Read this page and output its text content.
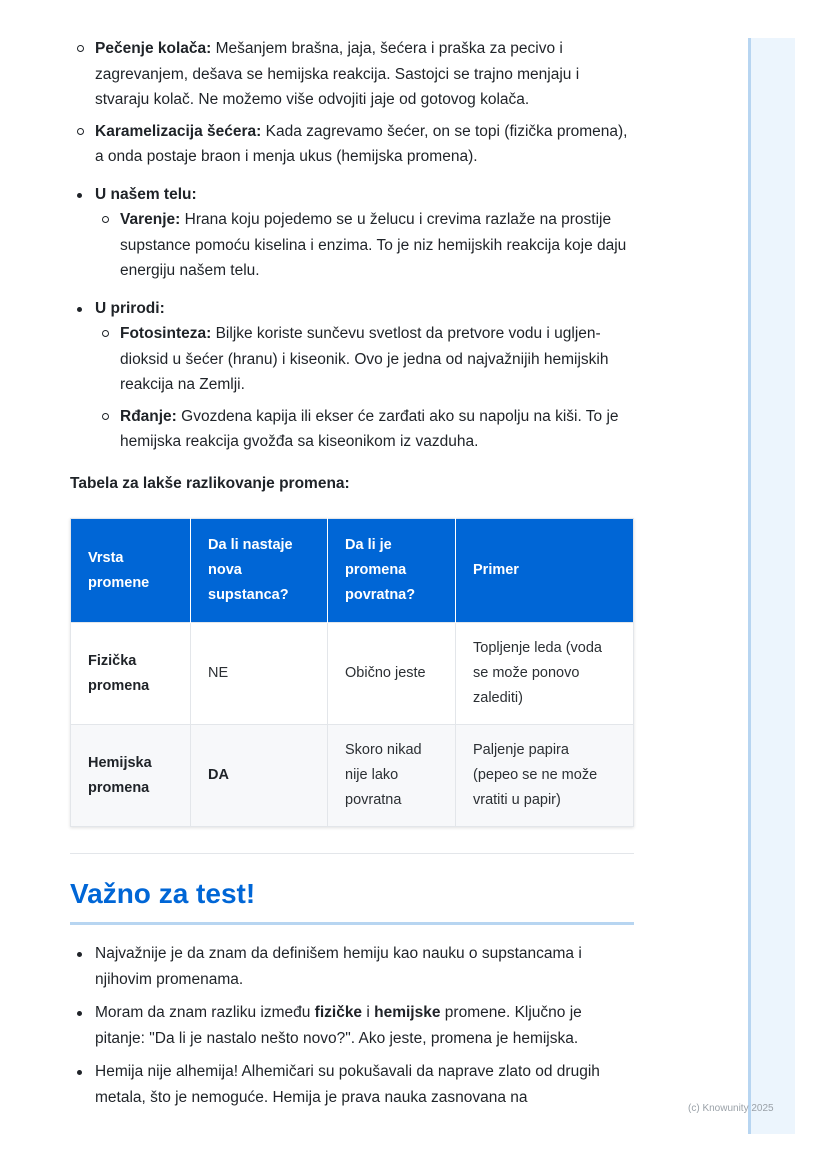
Pečenje kolača: Mešanjem brašna, jaja, šećera i praška za pecivo i zagrevanjem, dešava se hemijska reakcija. Sastojci se trajno menjaju i stvaraju kolač. Ne možemo više odvojiti jaje od gotovog kolača.
Karamelizacija šećera: Kada zagrevamo šećer, on se topi (fizička promena), a onda postaje braon i menja ukus (hemijska promena).
U našem telu:
Varenje: Hrana koju pojedemo se u želucu i crevima razlaže na prostije supstance pomoću kiselina i enzima. To je niz hemijskih reakcija koje daju energiju našem telu.
U prirodi:
Fotosinteza: Biljke koriste sunčevu svetlost da pretvore vodu i ugljen-dioksid u šećer (hranu) i kiseonik. Ovo je jedna od najvažnijih hemijskih reakcija na Zemlji.
Rđanje: Gvozdena kapija ili ekser će zarđati ako su napolju na kiši. To je hemijska reakcija gvožđa sa kiseonikom iz vazduha.
Tabela za lakše razlikovanje promena:
Vrsta promene	Da li nastaje nova supstanca?	Da li je promena povratna?	Primer
Fizička promena	NE	Obično jeste	Topljenje leda (voda se može ponovo zalediti)
Hemijska promena	DA	Skoro nikad nije lako povratna	Paljenje papira (pepeo se ne može vratiti u papir)
Važno za test!
Najvažnije je da znam da definišem hemiju kao nauku o supstancama i njihovim promenama.
Moram da znam razliku između fizičke i hemijske promene. Ključno je pitanje: "Da li je nastalo nešto novo?". Ako jeste, promena je hemijska.
Hemija nije alhemija! Alhemičari su pokušavali da naprave zlato od drugih metala, što je nemoguće. Hemija je prava nauka zasnovana na
(c) Knowunity 2025
